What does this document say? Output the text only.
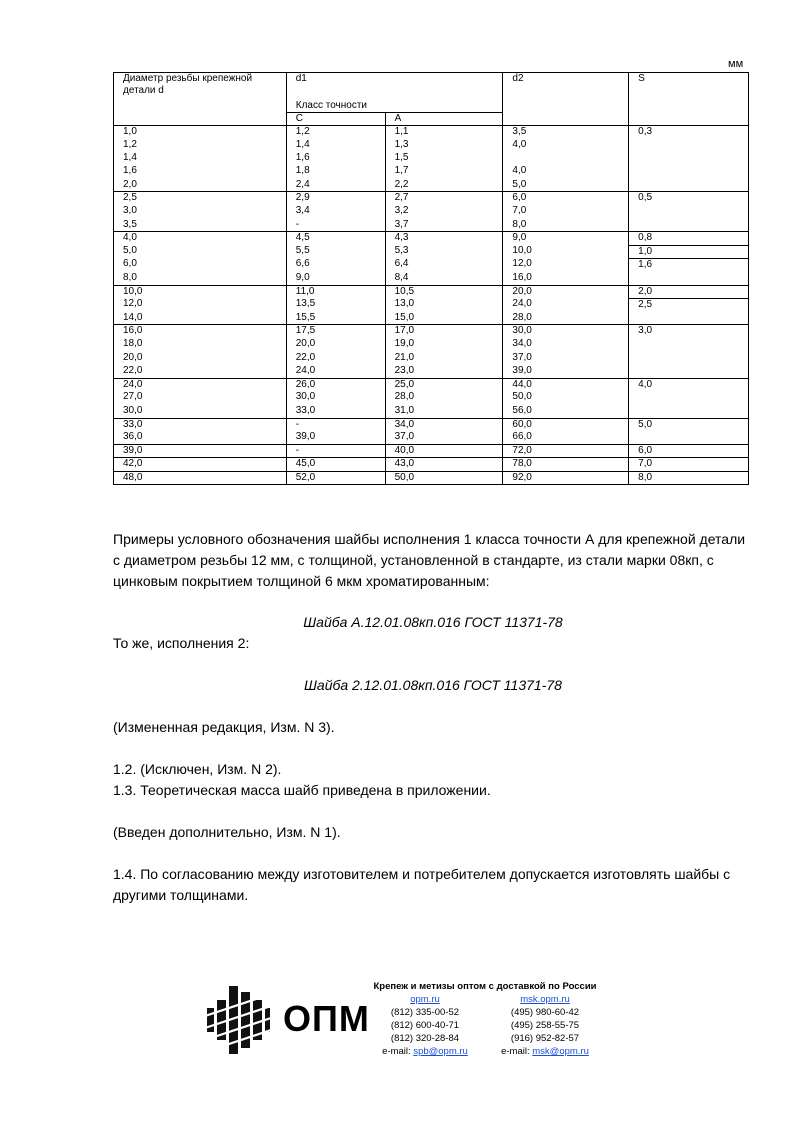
мм
Диаметр резьбы крепежной детали d	d1		d2	S
	Класс точности			
	С	А		
1,0	1,2	1,1	3,5	0,3
1,2	1,4	1,3	4,0	
1,4	1,6	1,5		
1,6	1,8	1,7	4,0	
2,0	2,4	2,2	5,0	
2,5	2,9	2,7	6,0	0,5
3,0	3,4	3,2	7,0	
3,5	-	3,7	8,0	
4,0	4,5	4,3	9,0	0,8
5,0	5,5	5,3	10,0	1,0
6,0	6,6	6,4	12,0	1,6
8,0	9,0	8,4	16,0	
10,0	11,0	10,5	20,0	2,0
12,0	13,5	13,0	24,0	2,5
14,0	15,5	15,0	28,0	
16,0	17,5	17,0	30,0	3,0
18,0	20,0	19,0	34,0	
20,0	22,0	21,0	37,0	
22,0	24,0	23,0	39,0	
24,0	26,0	25,0	44,0	4,0
27,0	30,0	28,0	50,0	
30,0	33,0	31,0	56,0	
33,0	-	34,0	60,0	5,0
36,0	39,0	37,0	66,0	
39,0	-	40,0	72,0	6,0
42,0	45,0	43,0	78,0	7,0
48,0	52,0	50,0	92,0	8,0
Примеры условного обозначения шайбы исполнения 1 класса точности А для крепежной детали с диаметром резьбы 12 мм, с толщиной, установленной в стандарте, из стали марки 08кп, с цинковым покрытием толщиной 6 мкм хроматированным:
Шайба А.12.01.08кп.016 ГОСТ 11371-78
То же, исполнения 2:
Шайба 2.12.01.08кп.016 ГОСТ 11371-78
(Измененная редакция, Изм. N 3).
1.2. (Исключен, Изм. N 2).
1.3. Теоретическая масса шайб приведена в приложении.
(Введен дополнительно, Изм. N 1).
1.4. По согласованию между изготовителем и потребителем допускается изготовлять шайбы с другими толщинами.
ОПМ
Крепеж и метизы оптом с доставкой по России
opm.ru
(812) 335-00-52
(812) 600-40-71
(812) 320-28-84
e-mail: spb@opm.ru
msk.opm.ru
(495) 980-60-42
(495) 258-55-75
(916) 952-82-57
e-mail: msk@opm.ru
